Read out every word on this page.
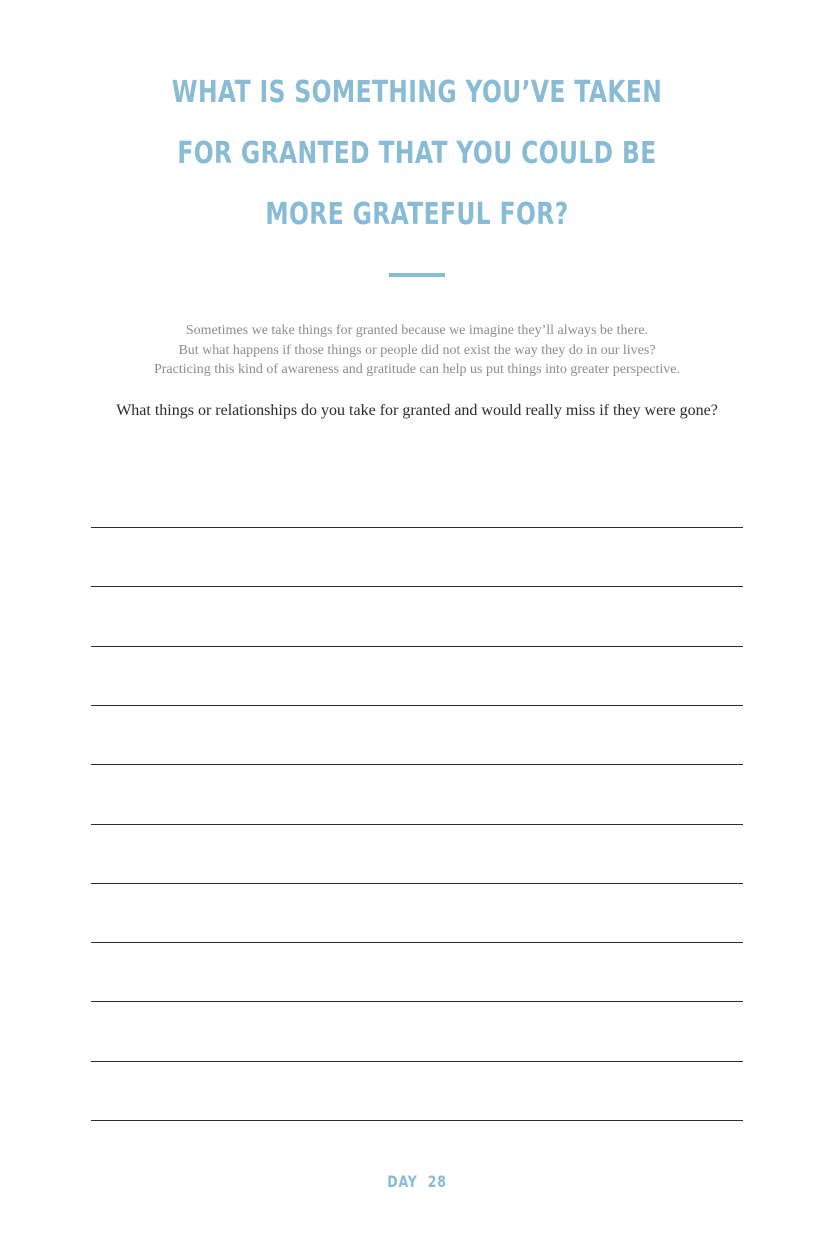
WHAT IS SOMETHING YOU’VE TAKEN
FOR GRANTED THAT YOU COULD BE
MORE GRATEFUL FOR?
Sometimes we take things for granted because we imagine they’ll always be there.
But what happens if those things or people did not exist the way they do in our lives?
Practicing this kind of awareness and gratitude can help us put things into greater perspective.
What things or relationships do you take for granted and would really miss if they were gone?
DAY  28
